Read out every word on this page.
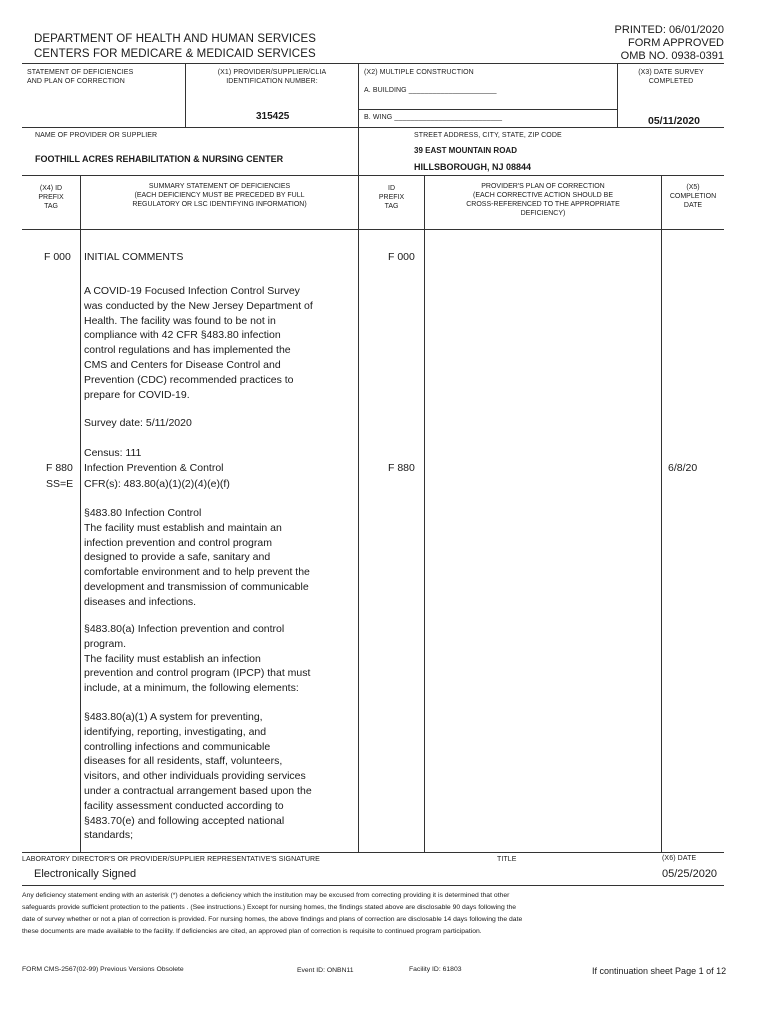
DEPARTMENT OF HEALTH AND HUMAN SERVICES
CENTERS FOR MEDICARE & MEDICAID SERVICES
PRINTED: 06/01/2020
FORM APPROVED
OMB NO. 0938-0391
STATEMENT OF DEFICIENCIES
AND PLAN OF CORRECTION
(X1) PROVIDER/SUPPLIER/CLIA
IDENTIFICATION NUMBER:
315425
(X2) MULTIPLE CONSTRUCTION
A. BUILDING ______________________
B. WING ___________________________
(X3) DATE SURVEY
COMPLETED
05/11/2020
NAME OF PROVIDER OR SUPPLIER
FOOTHILL ACRES REHABILITATION & NURSING CENTER
STREET ADDRESS, CITY, STATE, ZIP CODE
39 EAST MOUNTAIN ROAD
HILLSBOROUGH, NJ 08844
(X4) ID
PREFIX
TAG
SUMMARY STATEMENT OF DEFICIENCIES
(EACH DEFICIENCY MUST BE PRECEDED BY FULL
REGULATORY OR LSC IDENTIFYING INFORMATION)
ID
PREFIX
TAG
PROVIDER'S PLAN OF CORRECTION
(EACH CORRECTIVE ACTION SHOULD BE
CROSS-REFERENCED TO THE APPROPRIATE
DEFICIENCY)
(X5)
COMPLETION
DATE
F 000 INITIAL COMMENTS	F 000
A COVID-19 Focused Infection Control Survey
was conducted by the New Jersey Department of
Health. The facility was found to be not in
compliance with 42 CFR §483.80 infection
control regulations and has implemented the
CMS and Centers for Disease Control and
Prevention (CDC) recommended practices to
prepare for COVID-19.
Survey date: 5/11/2020
Census: 111
F 880
SS=E
Infection Prevention & Control
CFR(s): 483.80(a)(1)(2)(4)(e)(f)
F 880	6/8/20
§483.80 Infection Control
The facility must establish and maintain an
infection prevention and control program
designed to provide a safe, sanitary and
comfortable environment and to help prevent the
development and transmission of communicable
diseases and infections.
§483.80(a) Infection prevention and control
program.
The facility must establish an infection
prevention and control program (IPCP) that must
include, at a minimum, the following elements:
§483.80(a)(1) A system for preventing,
identifying, reporting, investigating, and
controlling infections and communicable
diseases for all residents, staff, volunteers,
visitors, and other individuals providing services
under a contractual arrangement based upon the
facility assessment conducted according to
§483.70(e) and following accepted national
standards;
LABORATORY DIRECTOR'S OR PROVIDER/SUPPLIER REPRESENTATIVE'S SIGNATURE	TITLE	(X6) DATE
Electronically Signed	05/25/2020
Any deficiency statement ending with an asterisk (*) denotes a deficiency which the institution may be excused from correcting providing it is determined that other
safeguards provide sufficient protection to the patients . (See instructions.) Except for nursing homes, the findings stated above are disclosable 90 days following the
date of survey whether or not a plan of correction is provided. For nursing homes, the above findings and plans of correction are disclosable 14 days following the date
these documents are made available to the facility. If deficiencies are cited, an approved plan of correction is requisite to continued program participation.
FORM CMS-2567(02-99) Previous Versions Obsolete	Event ID: ONBN11	Facility ID: 61803	If continuation sheet Page 1 of 12
